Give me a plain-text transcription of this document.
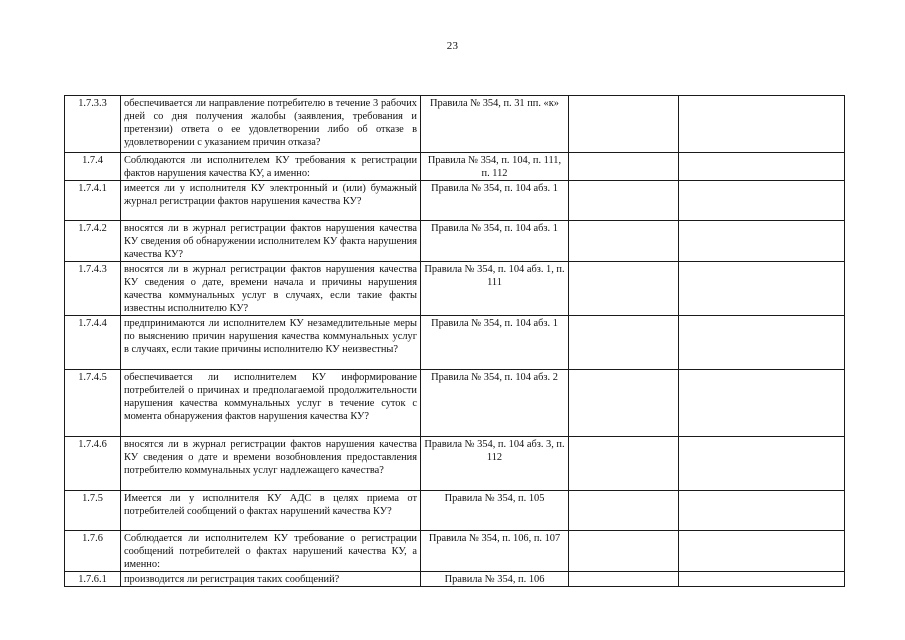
23
1.7.3.3	обеспечивается ли направление потребителю в течение 3 рабочих дней со дня получения жалобы (заявления, требования и претензии) ответа о ее удовлетворении либо об отказе в удовлетворении с указанием причин отказа?	Правила № 354, п. 31 пп. «к»		
1.7.4	Соблюдаются ли исполнителем КУ требования к регистрации фактов нарушения качества КУ, а именно:	Правила № 354, п. 104, п. 111, п. 112		
1.7.4.1	имеется ли у исполнителя КУ электронный и (или) бумажный журнал регистрации фактов нарушения качества КУ?	Правила № 354, п. 104 абз. 1		
1.7.4.2	вносятся ли в журнал регистрации фактов нарушения качества КУ сведения об обнаружении исполнителем КУ факта нарушения качества КУ?	Правила № 354, п. 104 абз. 1		
1.7.4.3	вносятся ли в журнал регистрации фактов нарушения качества КУ сведения о дате, времени начала и причины нарушения качества коммунальных услуг в случаях, если такие факты известны исполнителю КУ?	Правила № 354, п. 104 абз. 1, п. 111		
1.7.4.4	предпринимаются ли исполнителем КУ незамедлительные меры по выяснению причин нарушения качества коммунальных услуг в случаях, если такие причины исполнителю КУ неизвестны?	Правила № 354, п. 104 абз. 1		
1.7.4.5	обеспечивается ли исполнителем КУ информирование потребителей о причинах и предполагаемой продолжительности нарушения качества коммунальных услуг в течение суток с момента обнаружения фактов нарушения качества КУ?	Правила № 354, п. 104 абз. 2		
1.7.4.6	вносятся ли в журнал регистрации фактов нарушения качества КУ сведения о дате и времени возобновления предоставления потребителю коммунальных услуг надлежащего качества?	Правила № 354, п. 104 абз. 3, п. 112		
1.7.5	Имеется ли у исполнителя КУ АДС в целях приема от потребителей сообщений о фактах нарушений качества КУ?	Правила № 354, п. 105		
1.7.6	Соблюдается ли исполнителем КУ требование о регистрации сообщений потребителей о фактах нарушений качества КУ, а именно:	Правила № 354, п. 106, п. 107		
1.7.6.1	производится ли регистрация таких сообщений?	Правила № 354, п. 106		
